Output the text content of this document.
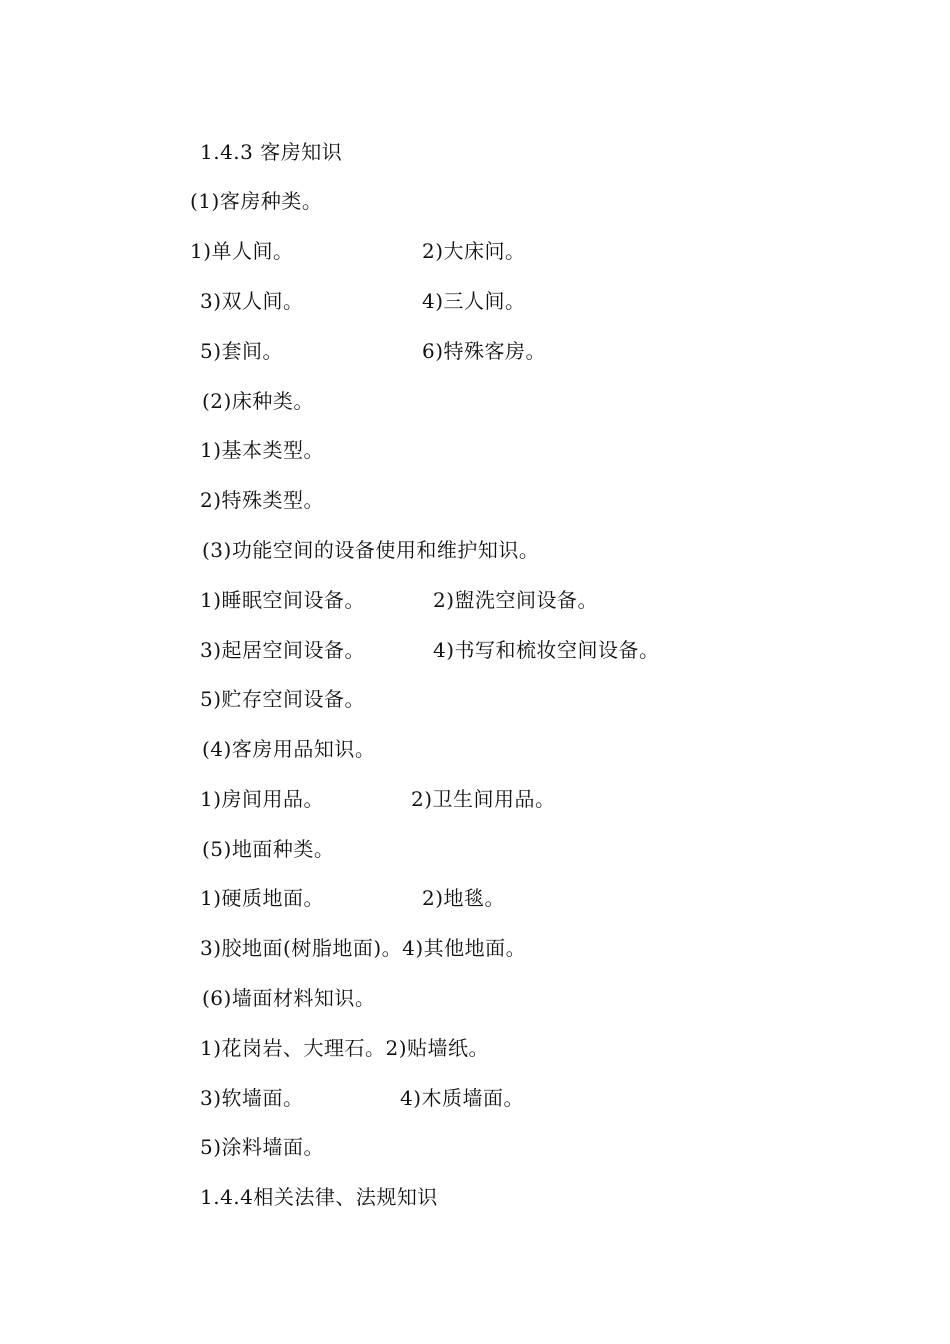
1.4.3 客房知识
(1)客房种类。
1)单人间。	2)大床问。
3)双人间。	4)三人间。
5)套间。	6)特殊客房。
(2)床种类。
1)基本类型。
2)特殊类型。
(3)功能空间的设备使用和维护知识。
1)睡眠空间设备。	2)盥洗空间设备。
3)起居空间设备。	4)书写和梳妆空间设备。
5)贮存空间设备。
(4)客房用品知识。
1)房间用品。	2)卫生间用品。
(5)地面种类。
1)硬质地面。	2)地毯。
3)胶地面(树脂地面)。4)其他地面。
(6)墙面材料知识。
1)花岗岩、大理石。2)贴墙纸。
3)软墙面。	4)木质墙面。
5)涂料墙面。
1.4.4相关法律、法规知识
